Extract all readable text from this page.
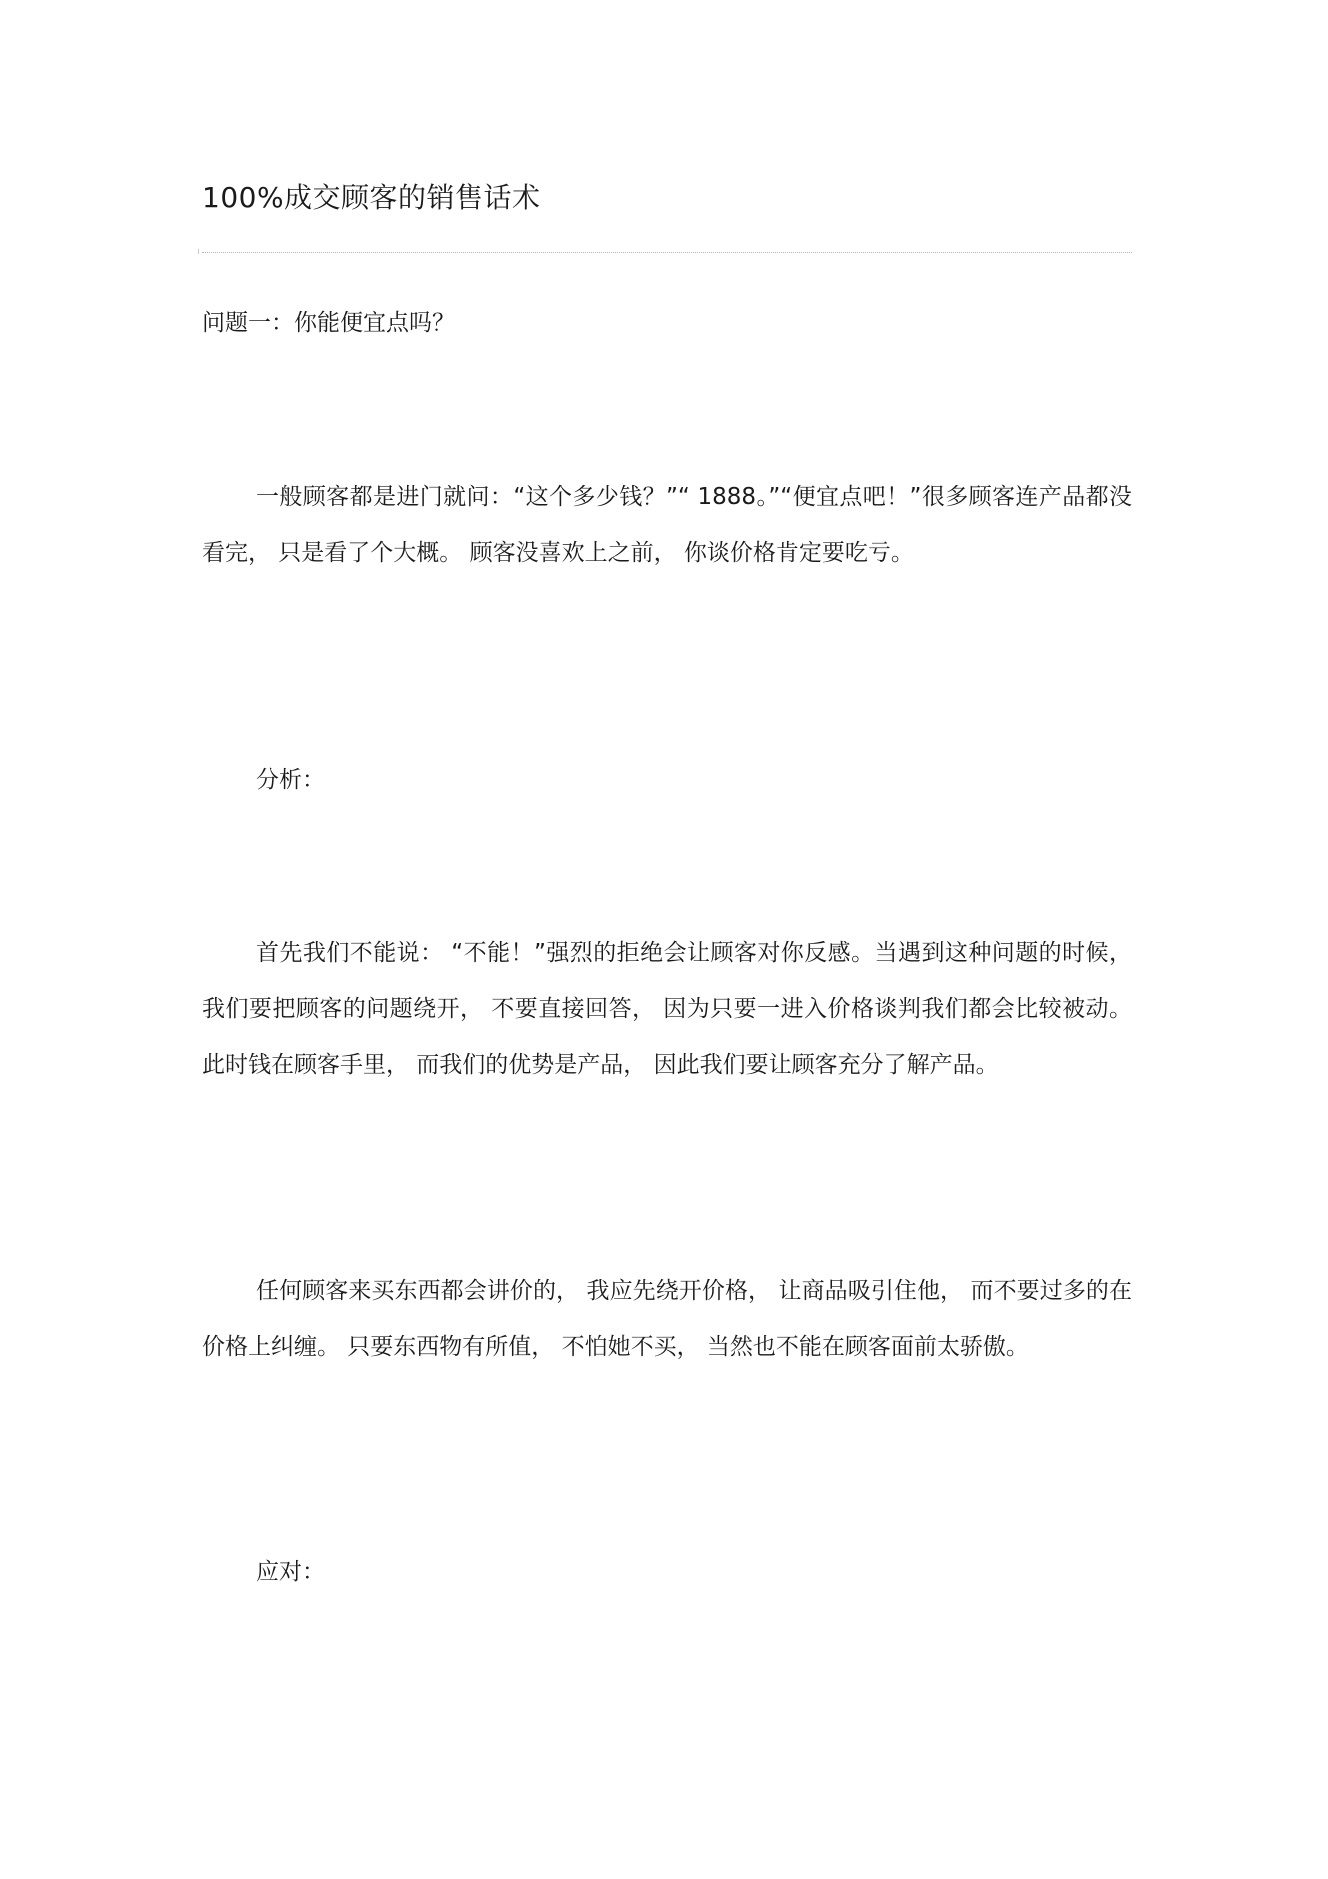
100%成交顾客的销售话术
问题一：你能便宜点吗？

一般顾客都是进门就问：“这个多少钱？”“ 1888。”“便宜点吧！”很多顾客连产品都没看完， 只是看了个大概。 顾客没喜欢上之前， 你谈价格肯定要吃亏。

分析：

首先我们不能说： “不能！”强烈的拒绝会让顾客对你反感。当遇到这种问题的时候， 我们要把顾客的问题绕开， 不要直接回答， 因为只要一进入价格谈判我们都会比较被动。 此时钱在顾客手里， 而我们的优势是产品， 因此我们要让顾客充分了解产品。

任何顾客来买东西都会讲价的， 我应先绕开价格， 让商品吸引住他， 而不要过多的在价格上纠缠。 只要东西物有所值， 不怕她不买， 当然也不能在顾客面前太骄傲。

应对：
